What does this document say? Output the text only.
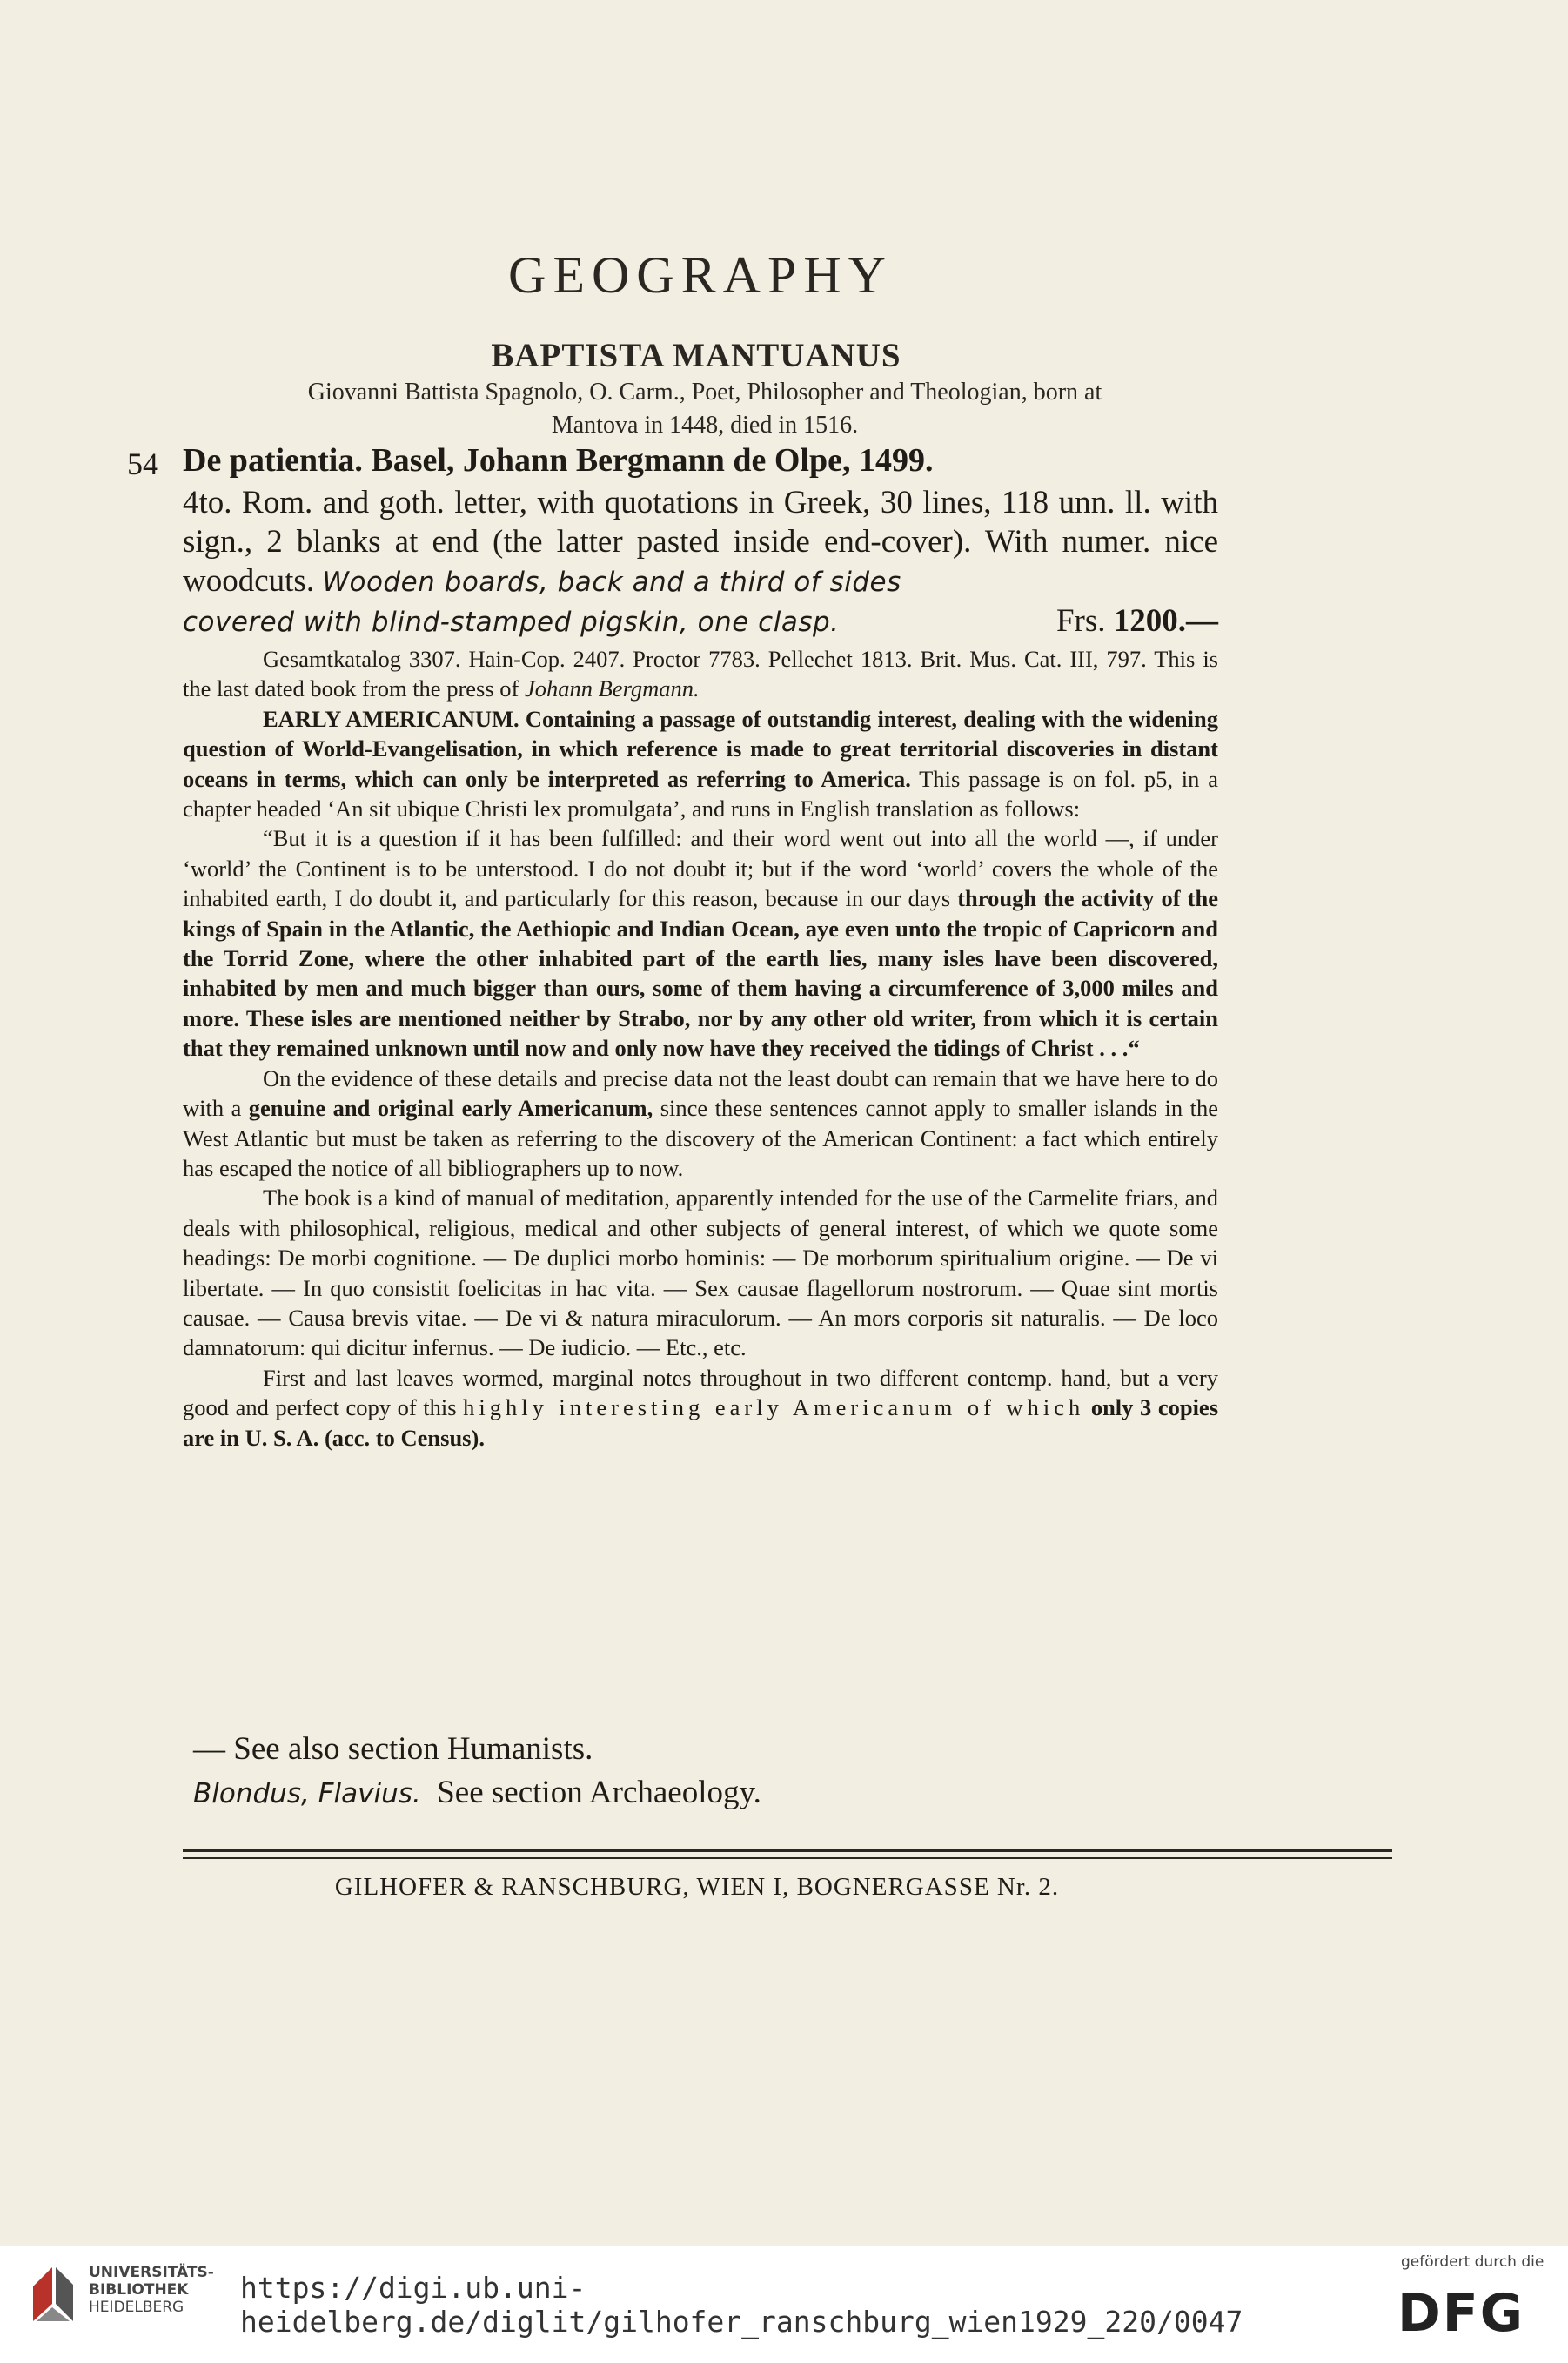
GEOGRAPHY
BAPTISTA MANTUANUS
Giovanni Battista Spagnolo, O. Carm., Poet, Philosopher and Theologian, born at Mantova in 1448, died in 1516.
54 De patientia. Basel, Johann Bergmann de Olpe, 1499.
4to. Rom. and goth. letter, with quotations in Greek, 30 lines, 118 unn. ll. with sign., 2 blanks at end (the latter pasted inside end-cover). With numer. nice woodcuts. Wooden boards, back and a third of sides
covered with blind-stamped pigskin, one clasp.	Frs. 1200.—

Gesamtkatalog 3307. Hain-Cop. 2407. Proctor 7783. Pellechet 1813. Brit. Mus. Cat. III, 797. This is the last dated book from the press of Johann Bergmann.

EARLY AMERICANUM. Containing a passage of outstandig interest, dealing with the widening question of World-Evangelisation, in which reference is made to great territorial discoveries in distant oceans in terms, which can only be interpreted as referring to America. This passage is on fol. p5, in a chapter headed ‘An sit ubique Christi lex promulgata’, and runs in English translation as follows:

“But it is a question if it has been fulfilled: and their word went out into all the world —, if under ‘world’ the Continent is to be unterstood. I do not doubt it; but if the word ‘world’ covers the whole of the inhabited earth, I do doubt it, and particularly for this reason, because in our days through the activity of the kings of Spain in the Atlantic, the Aethiopic and Indian Ocean, aye even unto the tropic of Capricorn and the Torrid Zone, where the other inhabited part of the earth lies, many isles have been discovered, inhabited by men and much bigger than ours, some of them having a circumference of 3,000 miles and more. These isles are mentioned neither by Strabo, nor by any other old writer, from which it is certain that they remained unknown until now and only now have they received the tidings of Christ . . .“

On the evidence of these details and precise data not the least doubt can remain that we have here to do with a genuine and original early Americanum, since these sentences cannot apply to smaller islands in the West Atlantic but must be taken as referring to the discovery of the American Continent: a fact which entirely has escaped the notice of all bibliographers up to now.

The book is a kind of manual of meditation, apparently intended for the use of the Carmelite friars, and deals with philosophical, religious, medical and other subjects of general interest, of which we quote some headings: De morbi cognitione. — De duplici morbo hominis: — De morborum spiritualium origine. — De vi libertate. — In quo consistit foelicitas in hac vita. — Sex causae flagellorum nostrorum. — Quae sint mortis causae. — Causa brevis vitae. — De vi & natura miraculorum. — An mors corporis sit naturalis. — De loco damnatorum: qui dicitur infernus. — De iudicio. — Etc., etc.

First and last leaves wormed, marginal notes throughout in two different contemp. hand, but a very good and perfect copy of this highly interesting early Americanum of which only 3 copies are in U. S. A. (acc. to Census).

— See also section Humanists.
Blondus, Flavius. See section Archaeology.
GILHOFER & RANSCHBURG, WIEN I, BOGNERGASSE Nr. 2.
UNIVERSITÄTS-
BIBLIOTHEK
HEIDELBERG
https://digi.ub.uni-heidelberg.de/diglit/gilhofer_ranschburg_wien1929_220/0047
gefördert durch die
DFG
